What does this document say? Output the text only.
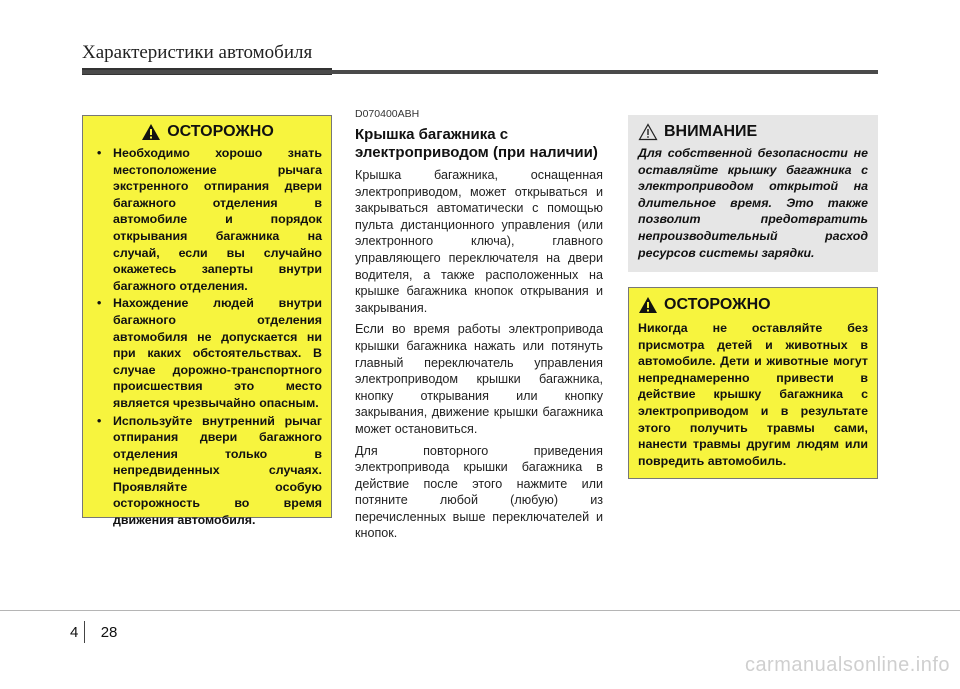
Характеристики автомобиля
ОСТОРОЖНО
• Необходимо хорошо знать местоположение рычага экстренного отпирания двери багажного отделения в автомобиле и порядок открывания багажника на случай, если вы случайно окажетесь заперты внутри багажного отделения.
• Нахождение людей внутри багажного отделения автомобиля не допускается ни при каких обстоятельствах. В случае дорожно-транспортного происшествия это место является чрезвычайно опасным.
• Используйте внутренний рычаг отпирания двери багажного отделения только в непредвиденных случаях. Проявляйте особую осторожность во время движения автомобиля.
D070400ABH
Крышка багажника с электроприводом (при наличии)

Крышка багажника, оснащенная электроприводом, может открываться и закрываться автоматически с помощью пульта дистанционного управления (или электронного ключа), главного управляющего переключателя на двери водителя, а также расположенных на крышке багажника кнопок открывания и закрывания.

Если во время работы электропривода крышки багажника нажать или потянуть главный переключатель управления электроприводом крышки багажника, кнопку открывания или кнопку закрывания, движение крышки багажника может остановиться.

Для повторного приведения электропривода крышки багажника в действие после этого нажмите или потяните любой (любую) из перечисленных выше переключателей и кнопок.

ВНИМАНИЕ
Для собственной безопасности не оставляйте крышку багажника с электроприводом открытой на длительное время. Это также позволит предотвратить непроизводительный расход ресурсов системы зарядки.
ОСТОРОЖНО
Никогда не оставляйте без присмотра детей и животных в автомобиле. Дети и животные могут непреднамеренно привести в действие крышку багажника с электроприводом и в результате этого получить травмы сами, нанести травмы другим людям или повредить автомобиль.
4 28
carmanualsonline.info
